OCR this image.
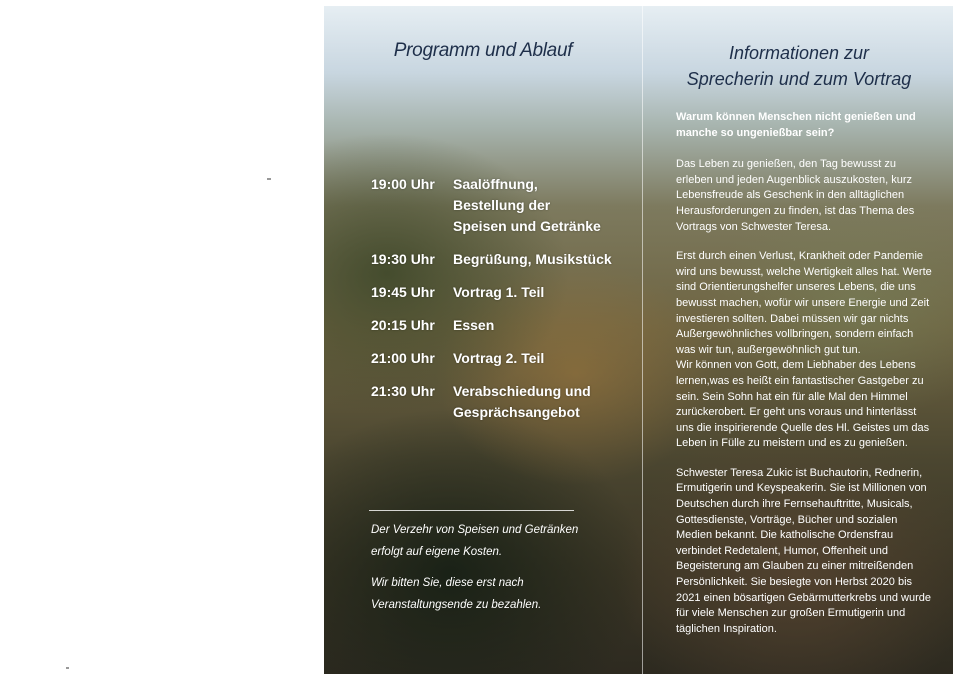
Programm und Ablauf
19:00 Uhr	Saalöffnung, Bestellung der Speisen und Getränke
19:30 Uhr	Begrüßung, Musikstück
19:45 Uhr	Vortrag 1. Teil
20:15 Uhr	Essen
21:00 Uhr	Vortrag 2. Teil
21:30 Uhr	Verabschiedung und Gesprächsangebot
Der Verzehr von Speisen und Getränken erfolgt auf eigene Kosten.
Wir bitten Sie, diese erst nach Veranstaltungsende zu bezahlen.
Informationen zur
Sprecherin und zum Vortrag

Warum können Menschen nicht genießen und manche so ungenießbar sein?

Das Leben zu genießen, den Tag bewusst zu erleben und jeden Augenblick auszukosten, kurz Lebensfreude als Geschenk in den alltäglichen Herausforderungen zu finden, ist das Thema des Vortrags von Schwester Teresa.

Erst durch einen Verlust, Krankheit oder Pandemie wird uns bewusst, welche Wertigkeit alles hat. Werte sind Orientierungshelfer unseres Lebens, die uns bewusst machen, wofür wir unsere Energie und Zeit investieren sollten. Dabei müssen wir gar nichts Außergewöhnliches vollbringen, sondern einfach was wir tun, außergewöhnlich gut tun.

Wir können von Gott, dem Liebhaber des Lebens lernen,was es heißt ein fantastischer Gastgeber zu sein. Sein Sohn hat ein für alle Mal den Himmel zurückerobert. Er geht uns voraus und hinterlässt uns die inspirierende Quelle des Hl. Geistes um das Leben in Fülle zu meistern und es zu genießen.

Schwester Teresa Zukic ist Buchautorin, Rednerin, Ermutigerin und Keyspeakerin. Sie ist Millionen von Deutschen durch ihre Fernsehauftritte, Musicals, Gottesdienste, Vorträge, Bücher und sozialen Medien bekannt. Die katholische Ordensfrau verbindet Redetalent, Humor, Offenheit und Begeisterung am Glauben zu einer mitreißenden Persönlichkeit. Sie besiegte von Herbst 2020 bis 2021 einen bösartigen Gebärmutterkrebs und wurde für viele Menschen zur großen Ermutigerin und täglichen Inspiration.
